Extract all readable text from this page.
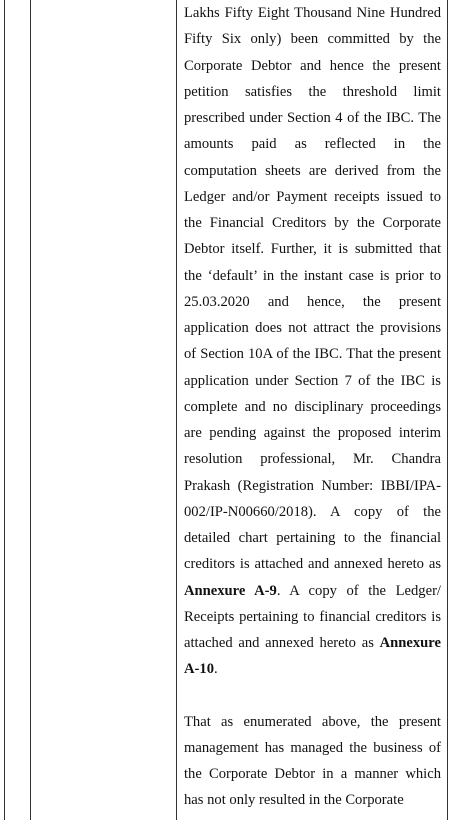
Lakhs Fifty Eight Thousand Nine Hundred Fifty Six only) been committed by the Corporate Debtor and hence the present petition satisfies the threshold limit prescribed under Section 4 of the IBC. The amounts paid as reflected in the computation sheets are derived from the Ledger and/or Payment receipts issued to the Financial Creditors by the Corporate Debtor itself. Further, it is submitted that the ‘default’ in the instant case is prior to 25.03.2020 and hence, the present application does not attract the provisions of Section 10A of the IBC. That the present application under Section 7 of the IBC is complete and no disciplinary proceedings are pending against the proposed interim resolution professional, Mr. Chandra Prakash (Registration Number: IBBI/IPA-002/IP-N00660/2018). A copy of the detailed chart pertaining to the financial creditors is attached and annexed hereto as Annexure A-9. A copy of the Ledger/ Receipts pertaining to financial creditors is attached and annexed hereto as Annexure A-10.

That as enumerated above, the present management has managed the business of the Corporate Debtor in a manner which has not only resulted in the Corporate
